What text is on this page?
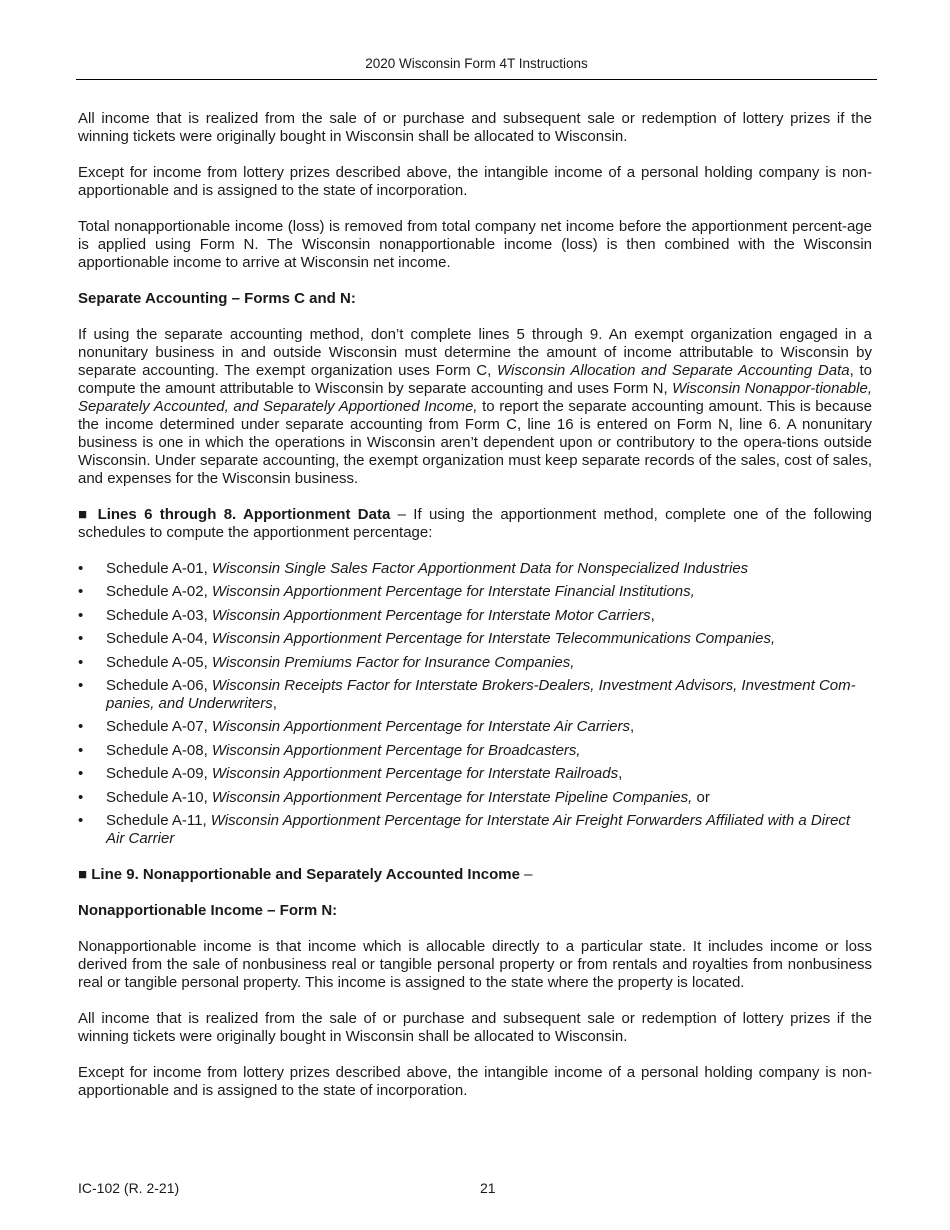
2020 Wisconsin Form 4T Instructions

All income that is realized from the sale of or purchase and subsequent sale or redemption of lottery prizes if the winning tickets were originally bought in Wisconsin shall be allocated to Wisconsin.

Except for income from lottery prizes described above, the intangible income of a personal holding company is non-apportionable and is assigned to the state of incorporation.

Total nonapportionable income (loss) is removed from total company net income before the apportionment percent-age is applied using Form N. The Wisconsin nonapportionable income (loss) is then combined with the Wisconsin apportionable income to arrive at Wisconsin net income.

Separate Accounting – Forms C and N:

If using the separate accounting method, don’t complete lines 5 through 9. An exempt organization engaged in a nonunitary business in and outside Wisconsin must determine the amount of income attributable to Wisconsin by separate accounting. The exempt organization uses Form C, Wisconsin Allocation and Separate Accounting Data, to compute the amount attributable to Wisconsin by separate accounting and uses Form N, Wisconsin Nonappor-tionable, Separately Accounted, and Separately Apportioned Income, to report the separate accounting amount. This is because the income determined under separate accounting from Form C, line 16 is entered on Form N, line 6. A nonunitary business is one in which the operations in Wisconsin aren’t dependent upon or contributory to the opera-tions outside Wisconsin. Under separate accounting, the exempt organization must keep separate records of the sales, cost of sales, and expenses for the Wisconsin business.

■ Lines 6 through 8. Apportionment Data – If using the apportionment method, complete one of the following schedules to compute the apportionment percentage:

• Schedule A-01, Wisconsin Single Sales Factor Apportionment Data for Nonspecialized Industries
• Schedule A-02, Wisconsin Apportionment Percentage for Interstate Financial Institutions,
• Schedule A-03, Wisconsin Apportionment Percentage for Interstate Motor Carriers,
• Schedule A-04, Wisconsin Apportionment Percentage for Interstate Telecommunications Companies,
• Schedule A-05, Wisconsin Premiums Factor for Insurance Companies,
• Schedule A-06, Wisconsin Receipts Factor for Interstate Brokers-Dealers, Investment Advisors, Investment Com-panies, and Underwriters,
• Schedule A-07, Wisconsin Apportionment Percentage for Interstate Air Carriers,
• Schedule A-08, Wisconsin Apportionment Percentage for Broadcasters,
• Schedule A-09, Wisconsin Apportionment Percentage for Interstate Railroads,
• Schedule A-10, Wisconsin Apportionment Percentage for Interstate Pipeline Companies, or
• Schedule A-11, Wisconsin Apportionment Percentage for Interstate Air Freight Forwarders Affiliated with a Direct Air Carrier

■ Line 9. Nonapportionable and Separately Accounted Income –

Nonapportionable Income – Form N:

Nonapportionable income is that income which is allocable directly to a particular state. It includes income or loss derived from the sale of nonbusiness real or tangible personal property or from rentals and royalties from nonbusiness real or tangible personal property. This income is assigned to the state where the property is located.

All income that is realized from the sale of or purchase and subsequent sale or redemption of lottery prizes if the winning tickets were originally bought in Wisconsin shall be allocated to Wisconsin.

Except for income from lottery prizes described above, the intangible income of a personal holding company is non-apportionable and is assigned to the state of incorporation.

IC-102 (R. 2-21)	21
